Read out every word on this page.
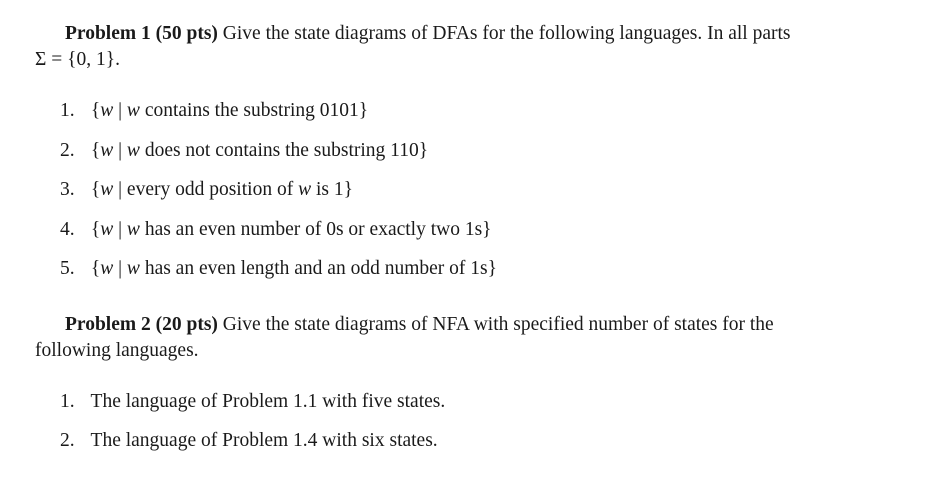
Problem 1 (50 pts) Give the state diagrams of DFAs for the following languages. In all parts
Σ = {0, 1}.
1. {w | w contains the substring 0101}
2. {w | w does not contains the substring 110}
3. {w | every odd position of w is 1}
4. {w | w has an even number of 0s or exactly two 1s}
5. {w | w has an even length and an odd number of 1s}
Problem 2 (20 pts) Give the state diagrams of NFA with specified number of states for the
following languages.
1. The language of Problem 1.1 with five states.
2. The language of Problem 1.4 with six states.
